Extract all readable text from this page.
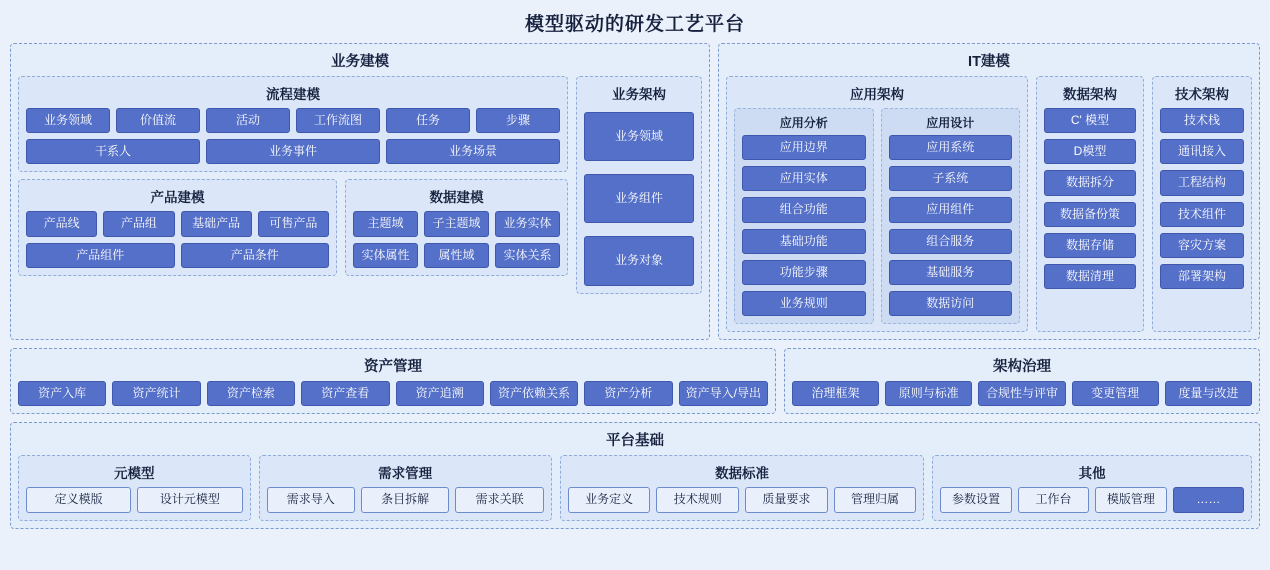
模型驱动的研发工艺平台
业务建模
流程建模
业务领域	价值流	活动	工作流图	任务	步骤
干系人	业务事件	业务场景
产品建模
产品线	产品组	基础产品	可售产品
产品组件	产品条件
数据建模
主题域	子主题域	业务实体
实体属性	属性域	实体关系
业务架构
业务领域
业务组件
业务对象
IT建模
应用架构
应用分析
应用边界
应用实体
组合功能
基础功能
功能步骤
业务规则
应用设计
应用系统
子系统
应用组件
组合服务
基础服务
数据访问
数据架构
C' 模型
D模型
数据拆分
数据备份策
数据存储
数据清理
技术架构
技术栈
通讯接入
工程结构
技术组件
容灾方案
部署架构
资产管理
资产入库	资产统计	资产检索	资产查看	资产追溯	资产依赖关系	资产分析	资产导入/导出
架构治理
治理框架	原则与标准	合规性与评审	变更管理	度量与改进
平台基础
元模型
定义模版	设计元模型
需求管理
需求导入	条目拆解	需求关联
数据标准
业务定义	技术规则	质量要求	管理归属
其他
参数设置	工作台	模版管理	……
